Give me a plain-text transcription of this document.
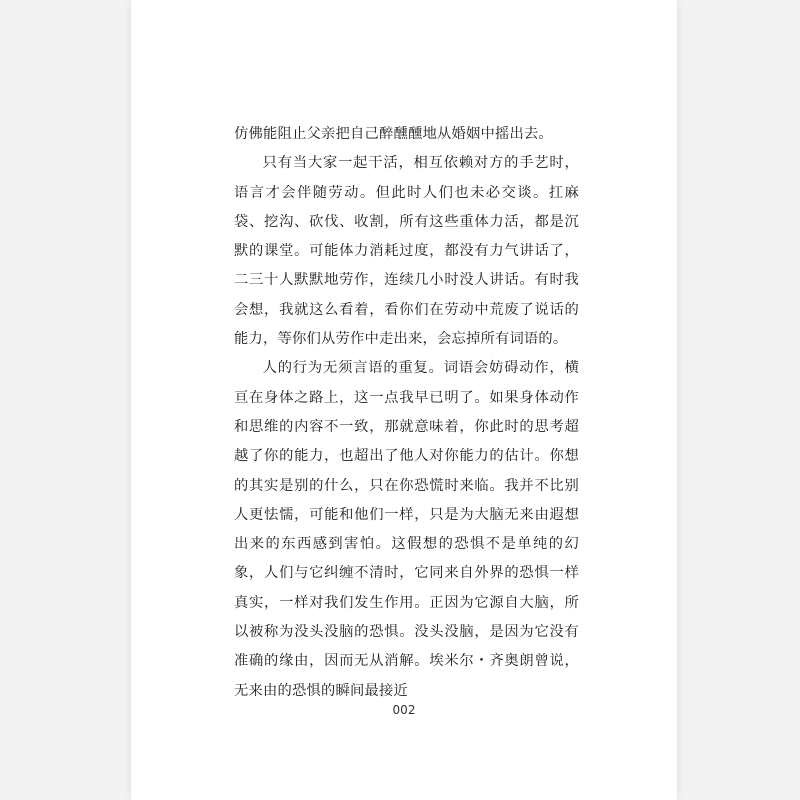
仿佛能阻止父亲把自己醉醺醺地从婚姻中摇出去。

只有当大家一起干活，相互依赖对方的手艺时，语言才会伴随劳动。但此时人们也未必交谈。扛麻袋、挖沟、砍伐、收割，所有这些重体力活，都是沉默的课堂。可能体力消耗过度，都没有力气讲话了，二三十人默默地劳作，连续几小时没人讲话。有时我会想，我就这么看着，看你们在劳动中荒废了说话的能力，等你们从劳作中走出来，会忘掉所有词语的。

人的行为无须言语的重复。词语会妨碍动作，横亘在身体之路上，这一点我早已明了。如果身体动作和思维的内容不一致，那就意味着，你此时的思考超越了你的能力，也超出了他人对你能力的估计。你想的其实是别的什么，只在你恐慌时来临。我并不比别人更怯懦，可能和他们一样，只是为大脑无来由遐想出来的东西感到害怕。这假想的恐惧不是单纯的幻象，人们与它纠缠不清时，它同来自外界的恐惧一样真实，一样对我们发生作用。正因为它源自大脑，所以被称为没头没脑的恐惧。没头没脑，是因为它没有准确的缘由，因而无从消解。埃米尔・齐奥朗曾说，无来由的恐惧的瞬间最接近

002
